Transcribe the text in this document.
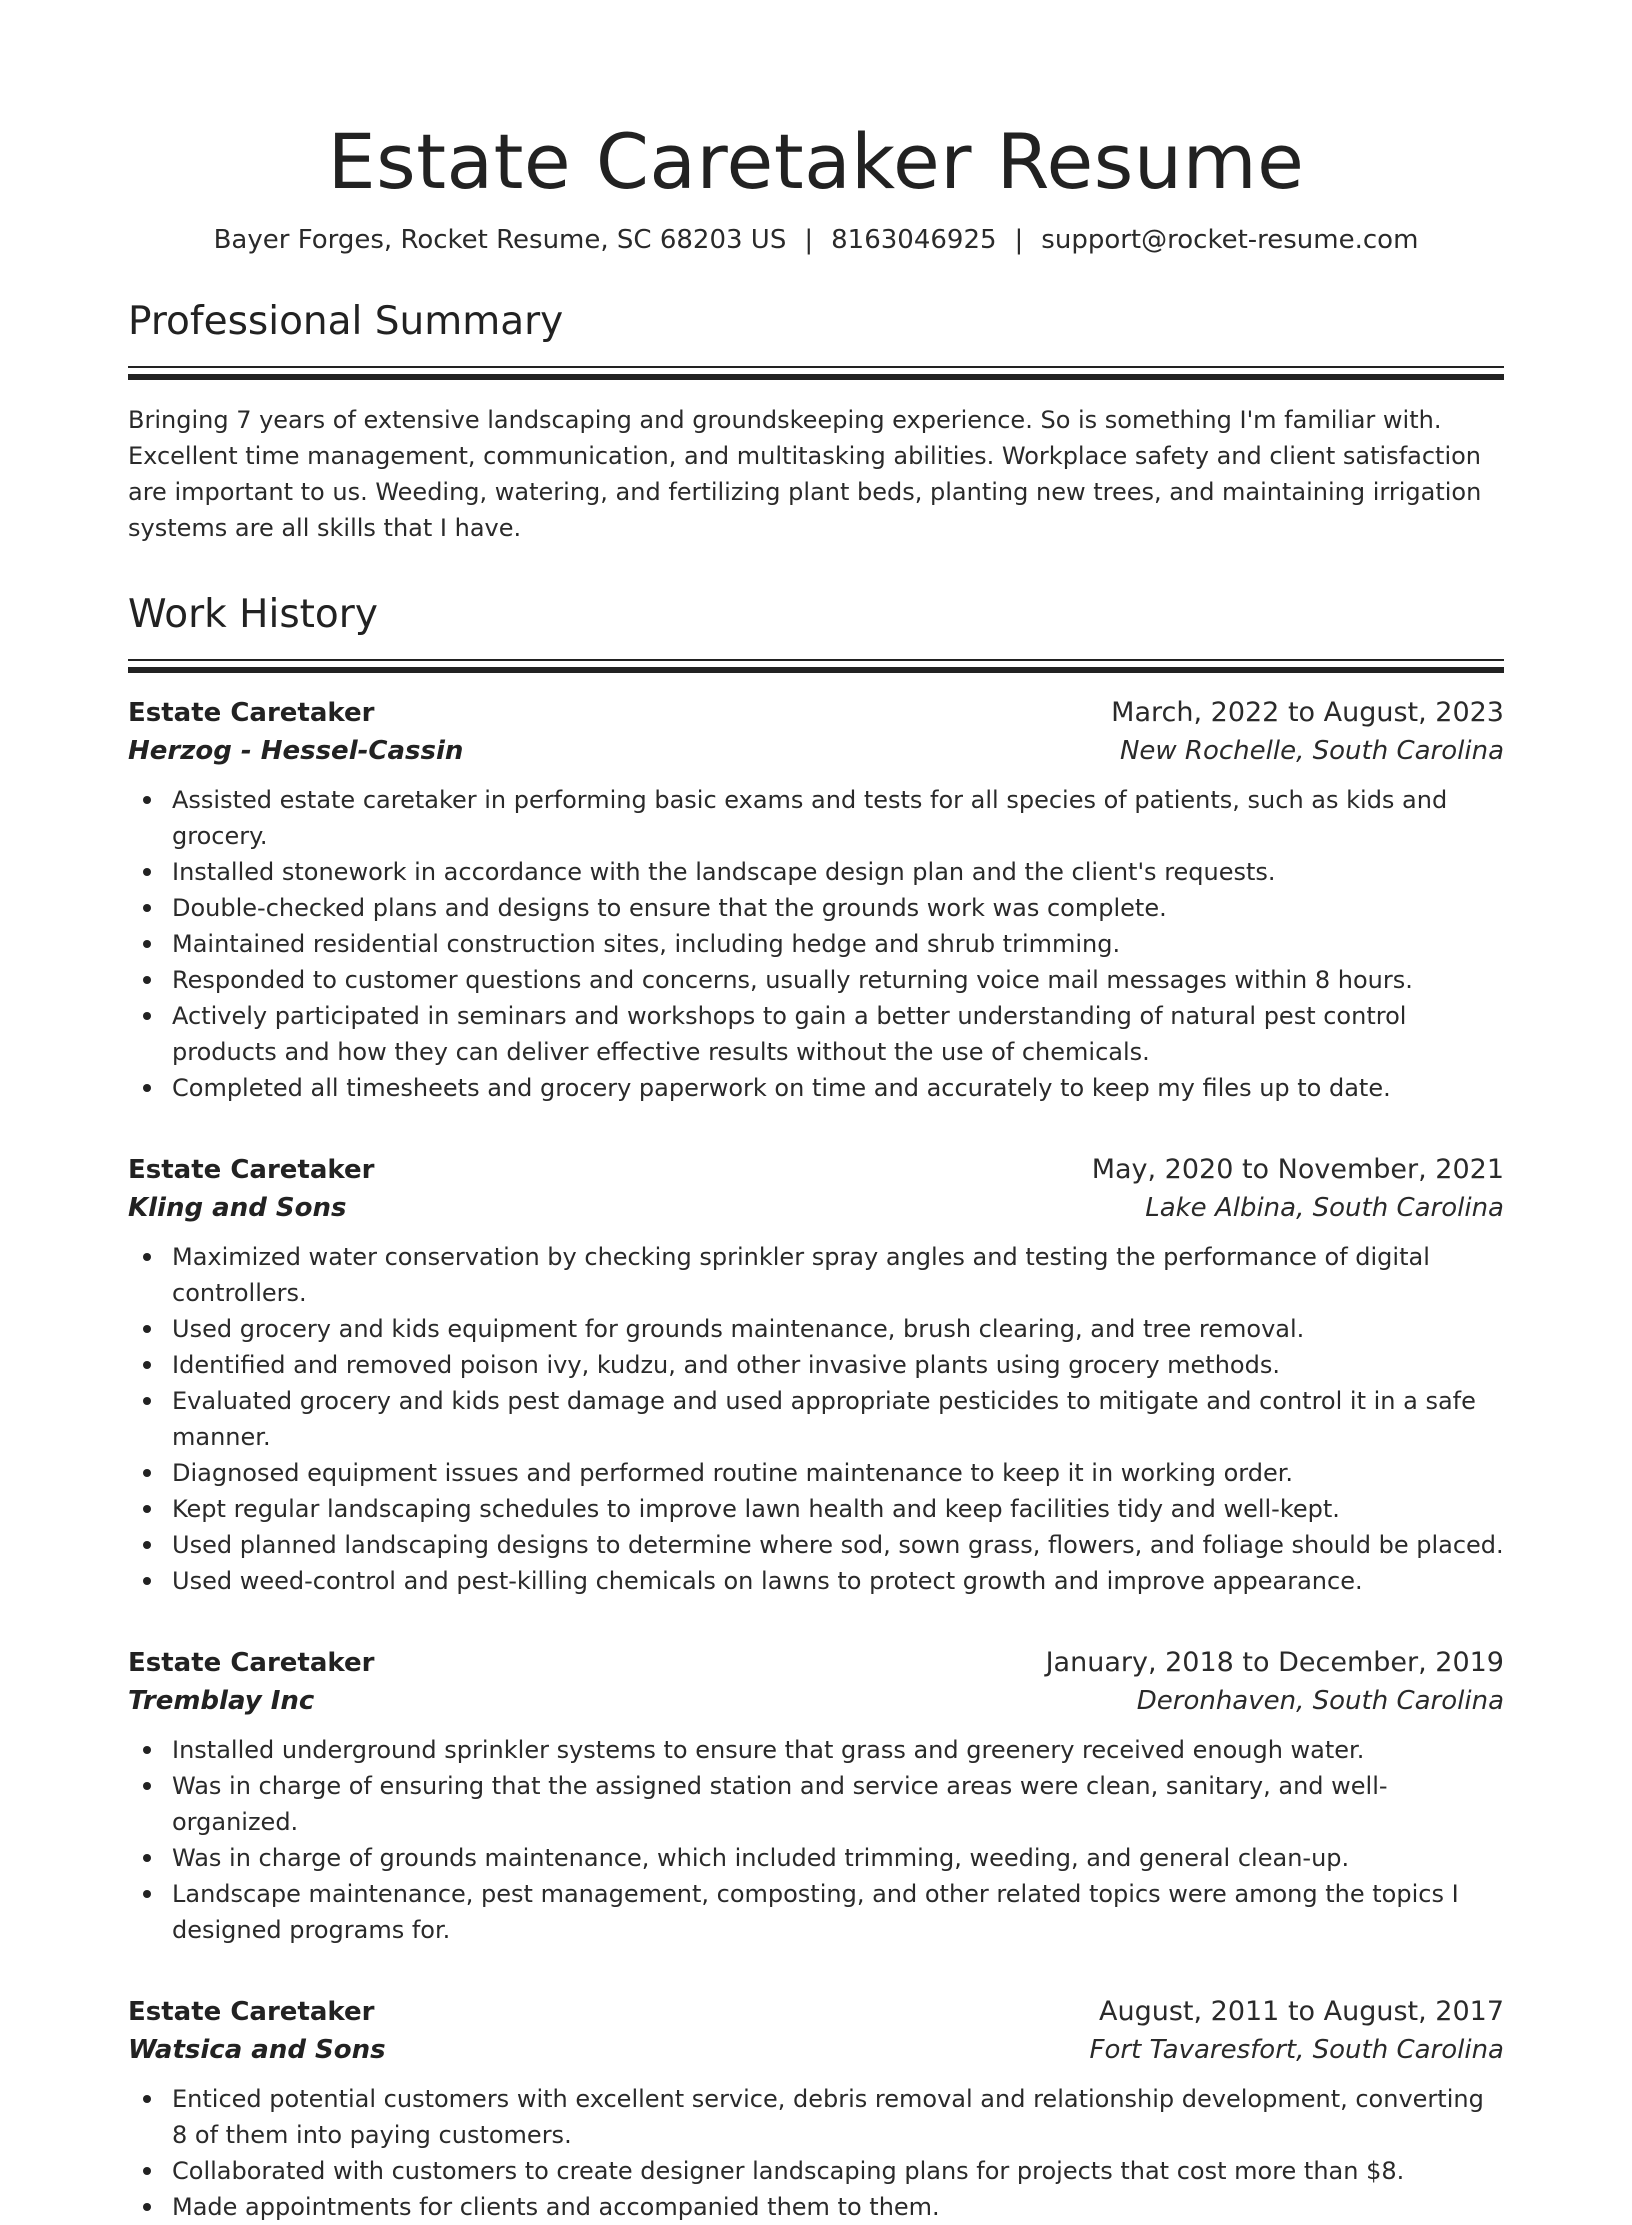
Estate Caretaker Resume
Bayer Forges, Rocket Resume, SC 68203 US | 8163046925 | support@rocket-resume.com
Professional Summary

Bringing 7 years of extensive landscaping and groundskeeping experience. So is something I'm familiar with. Excellent time management, communication, and multitasking abilities. Workplace safety and client satisfaction are important to us. Weeding, watering, and fertilizing plant beds, planting new trees, and maintaining irrigation systems are all skills that I have.

Work History
Estate Caretaker	March, 2022 to August, 2023
Herzog - Hessel-Cassin	New Rochelle, South Carolina
Assisted estate caretaker in performing basic exams and tests for all species of patients, such as kids and grocery.
Installed stonework in accordance with the landscape design plan and the client's requests.
Double-checked plans and designs to ensure that the grounds work was complete.
Maintained residential construction sites, including hedge and shrub trimming.
Responded to customer questions and concerns, usually returning voice mail messages within 8 hours.
Actively participated in seminars and workshops to gain a better understanding of natural pest control products and how they can deliver effective results without the use of chemicals.
Completed all timesheets and grocery paperwork on time and accurately to keep my files up to date.
Estate Caretaker	May, 2020 to November, 2021
Kling and Sons	Lake Albina, South Carolina
Maximized water conservation by checking sprinkler spray angles and testing the performance of digital controllers.
Used grocery and kids equipment for grounds maintenance, brush clearing, and tree removal.
Identified and removed poison ivy, kudzu, and other invasive plants using grocery methods.
Evaluated grocery and kids pest damage and used appropriate pesticides to mitigate and control it in a safe manner.
Diagnosed equipment issues and performed routine maintenance to keep it in working order.
Kept regular landscaping schedules to improve lawn health and keep facilities tidy and well-kept.
Used planned landscaping designs to determine where sod, sown grass, flowers, and foliage should be placed.
Used weed-control and pest-killing chemicals on lawns to protect growth and improve appearance.
Estate Caretaker	January, 2018 to December, 2019
Tremblay Inc	Deronhaven, South Carolina
Installed underground sprinkler systems to ensure that grass and greenery received enough water.
Was in charge of ensuring that the assigned station and service areas were clean, sanitary, and well-organized.
Was in charge of grounds maintenance, which included trimming, weeding, and general clean-up.
Landscape maintenance, pest management, composting, and other related topics were among the topics I designed programs for.
Estate Caretaker	August, 2011 to August, 2017
Watsica and Sons	Fort Tavaresfort, South Carolina
Enticed potential customers with excellent service, debris removal and relationship development, converting 8 of them into paying customers.
Collaborated with customers to create designer landscaping plans for projects that cost more than $8.
Made appointments for clients and accompanied them to them.
